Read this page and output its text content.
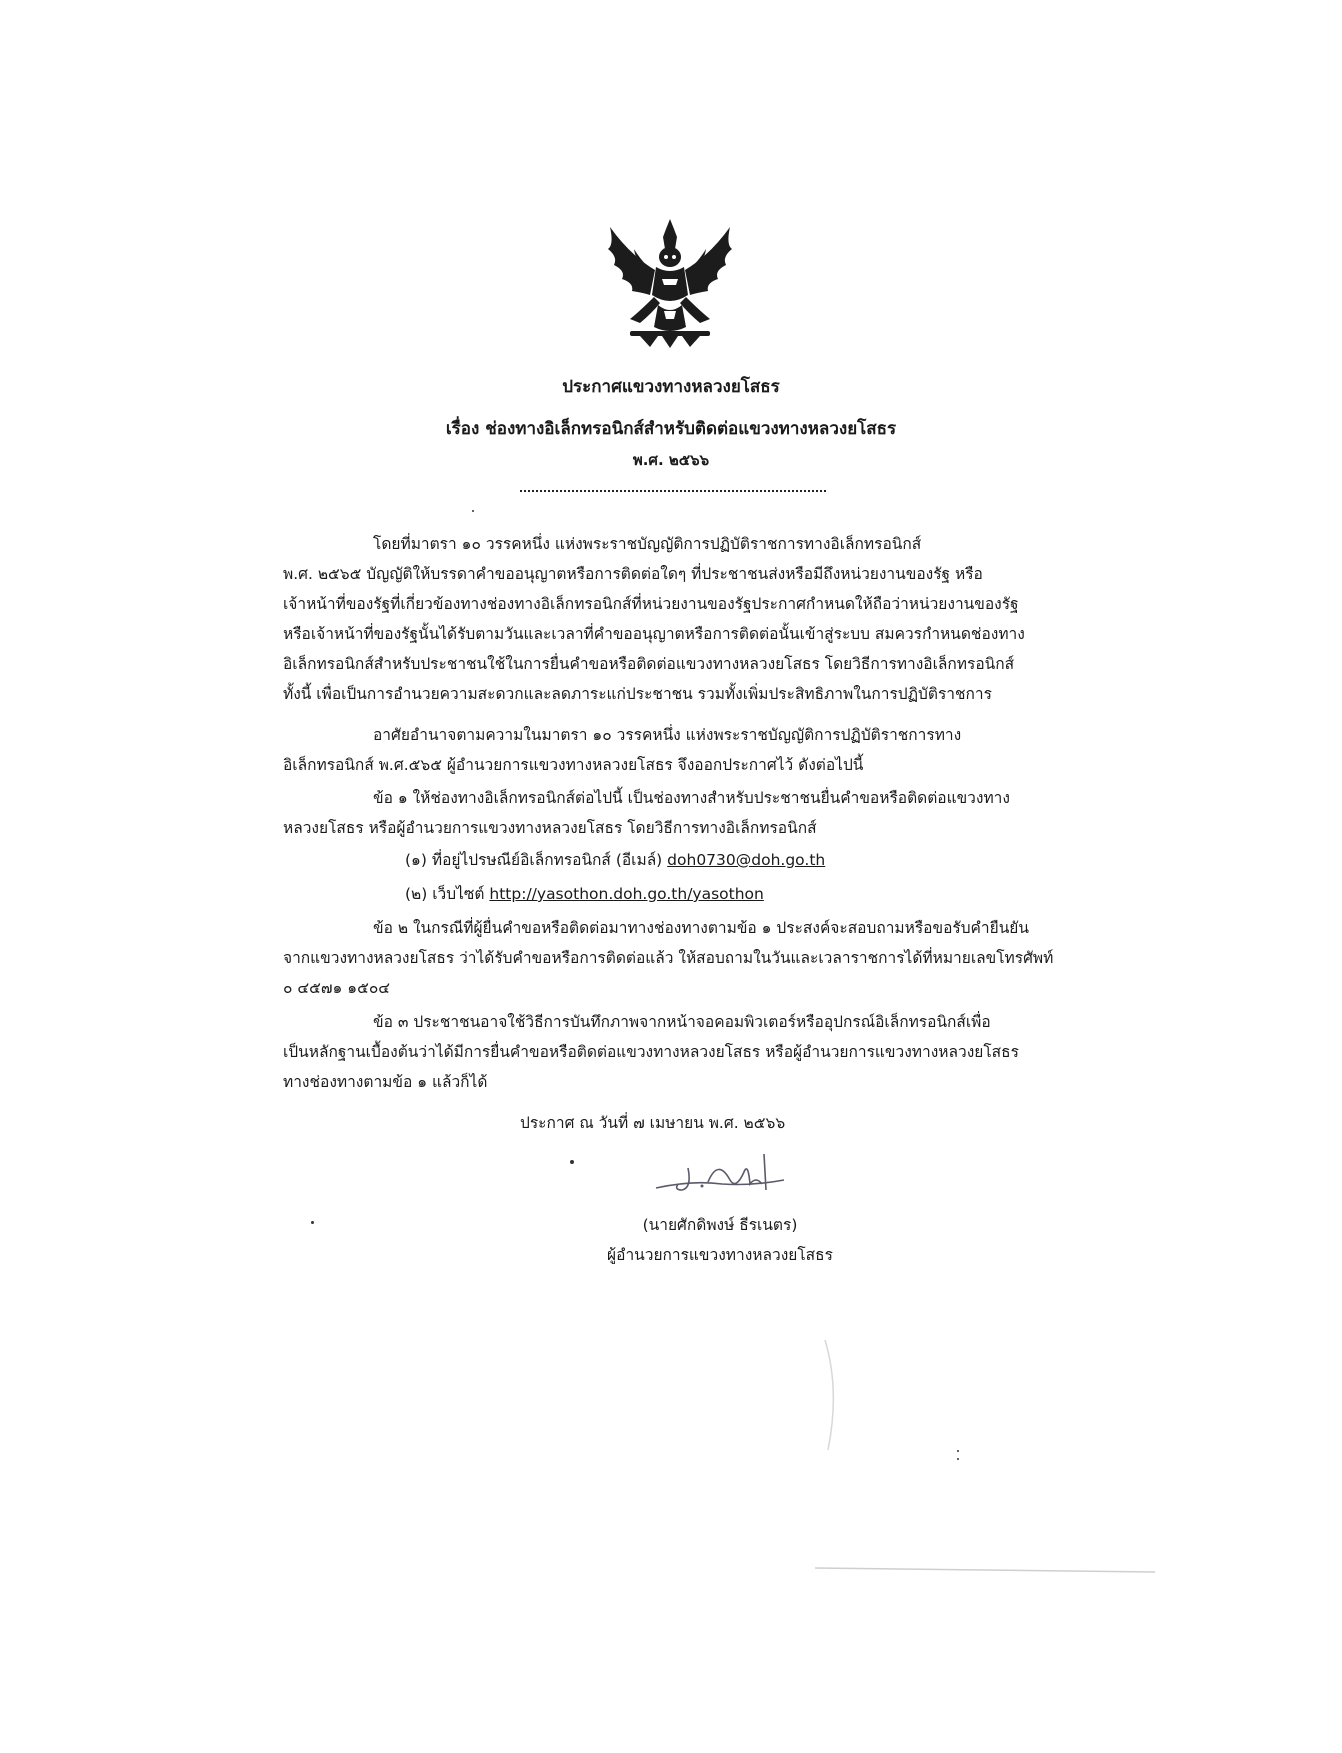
ประกาศแขวงทางหลวงยโสธร
เรื่อง ช่องทางอิเล็กทรอนิกส์สำหรับติดต่อแขวงทางหลวงยโสธร
พ.ศ. ๒๕๖๖

โดยที่มาตรา ๑๐ วรรคหนึ่ง แห่งพระราชบัญญัติการปฏิบัติราชการทางอิเล็กทรอนิกส์

พ.ศ. ๒๕๖๕ บัญญัติให้บรรดาคำขออนุญาตหรือการติดต่อใดๆ ที่ประชาชนส่งหรือมีถึงหน่วยงานของรัฐ หรือ
เจ้าหน้าที่ของรัฐที่เกี่ยวข้องทางช่องทางอิเล็กทรอนิกส์ที่หน่วยงานของรัฐประกาศกำหนดให้ถือว่าหน่วยงานของรัฐ
หรือเจ้าหน้าที่ของรัฐนั้นได้รับตามวันและเวลาที่คำขออนุญาตหรือการติดต่อนั้นเข้าสู่ระบบ สมควรกำหนดช่องทาง
อิเล็กทรอนิกส์สำหรับประชาชนใช้ในการยื่นคำขอหรือติดต่อแขวงทางหลวงยโสธร โดยวิธีการทางอิเล็กทรอนิกส์
ทั้งนี้ เพื่อเป็นการอำนวยความสะดวกและลดภาระแก่ประชาชน รวมทั้งเพิ่มประสิทธิภาพในการปฏิบัติราชการ

อาศัยอำนาจตามความในมาตรา ๑๐ วรรคหนึ่ง แห่งพระราชบัญญัติการปฏิบัติราชการทาง

อิเล็กทรอนิกส์ พ.ศ.๕๖๕ ผู้อำนวยการแขวงทางหลวงยโสธร จึงออกประกาศไว้ ดังต่อไปนี้

ข้อ ๑ ให้ช่องทางอิเล็กทรอนิกส์ต่อไปนี้ เป็นช่องทางสำหรับประชาชนยื่นคำขอหรือติดต่อแขวงทาง

หลวงยโสธร หรือผู้อำนวยการแขวงทางหลวงยโสธร โดยวิธีการทางอิเล็กทรอนิกส์
(๑) ที่อยู่ไปรษณีย์อิเล็กทรอนิกส์ (อีเมล์) doh0730@doh.go.th
(๒) เว็บไซต์ http://yasothon.doh.go.th/yasothon

ข้อ ๒ ในกรณีที่ผู้ยื่นคำขอหรือติดต่อมาทางช่องทางตามข้อ ๑ ประสงค์จะสอบถามหรือขอรับคำยืนยัน

จากแขวงทางหลวงยโสธร ว่าได้รับคำขอหรือการติดต่อแล้ว ให้สอบถามในวันและเวลาราชการได้ที่หมายเลขโทรศัพท์
๐ ๔๕๗๑ ๑๕๐๔

ข้อ ๓ ประชาชนอาจใช้วิธีการบันทึกภาพจากหน้าจอคอมพิวเตอร์หรืออุปกรณ์อิเล็กทรอนิกส์เพื่อ

เป็นหลักฐานเบื้องต้นว่าได้มีการยื่นคำขอหรือติดต่อแขวงทางหลวงยโสธร หรือผู้อำนวยการแขวงทางหลวงยโสธร
ทางช่องทางตามข้อ ๑ แล้วก็ได้
ประกาศ ณ วันที่ ๗ เมษายน พ.ศ. ๒๕๖๖
(นายศักดิพงษ์ ธีรเนตร)
ผู้อำนวยการแขวงทางหลวงยโสธร
